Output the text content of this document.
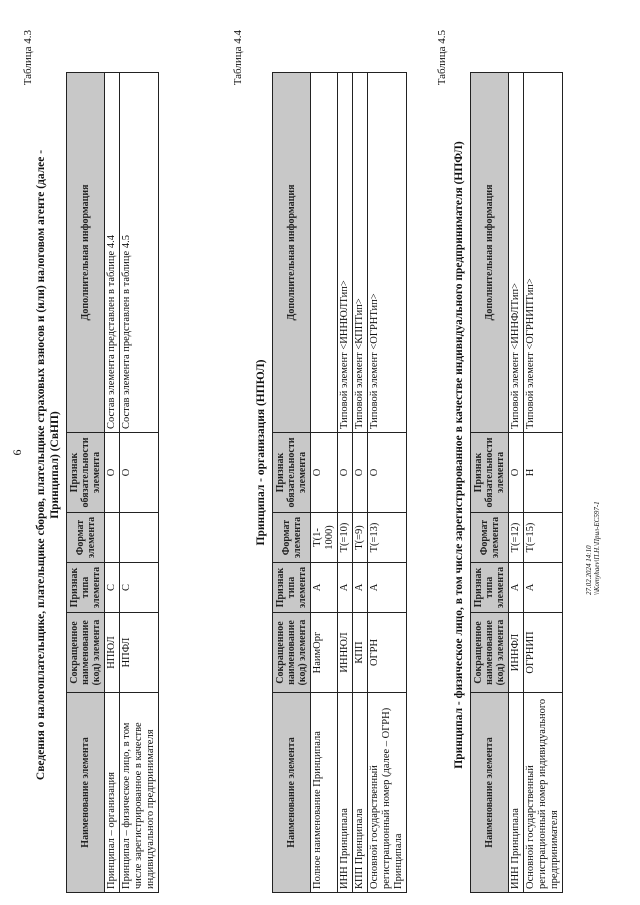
6
Таблица 4.3
Сведения о налогоплательщике, плательщике сборов, плательщике страховых взносов и (или) налоговом агенте (далее - Принципал) (СвНП)
Наименование элемента	Сокращенное наименование (код) элемента	Признак типа элемента	Формат элемента	Признак обязательности элемента	Дополнительная информация
Принципал – организация	НПЮЛ	С		О	Состав элемента представлен в таблице 4.4
Принципал – физическое лицо, в том числе зарегистрированное в качестве индивидуального предпринимателя	НПФЛ	С		О	Состав элемента представлен в таблице 4.5
Таблица 4.4
Принципал - организация (НПЮЛ)
Наименование элемента	Сокращенное наименование (код) элемента	Признак типа элемента	Формат элемента	Признак обязательности элемента	Дополнительная информация
Полное наименование Принципала	НаимОрг	А	Т(1-1000)	О	
ИНН Принципала	ИННЮЛ	А	Т(=10)	О	Типовой элемент <ИННЮЛТип>
КПП Принципала	КПП	А	Т(=9)	О	Типовой элемент <КППТип>
Основной государственный регистрационный номер (далее – ОГРН) Принципала	ОГРН	А	Т(=13)	О	Типовой элемент <ОГРНТип>
Таблица 4.5
Принципал - физическое лицо, в том числе зарегистрированное в качестве индивидуального предпринимателя (НПФЛ)
Наименование элемента	Сокращенное наименование (код) элемента	Признак типа элемента	Формат элемента	Признак обязательности элемента	Дополнительная информация
ИНН Принципала	ИННФЛ	А	Т(=12)	О	Типовой элемент <ИННФЛТип>
Основной государственный регистрационный номер индивидуального предпринимателя	ОГРНИП	А	Т(=15)	Н	Типовой элемент <ОГРНИПТип>
27.02.2024 14:10 \\Komyhaev\П.Н.\Прил-ЕС597-1
